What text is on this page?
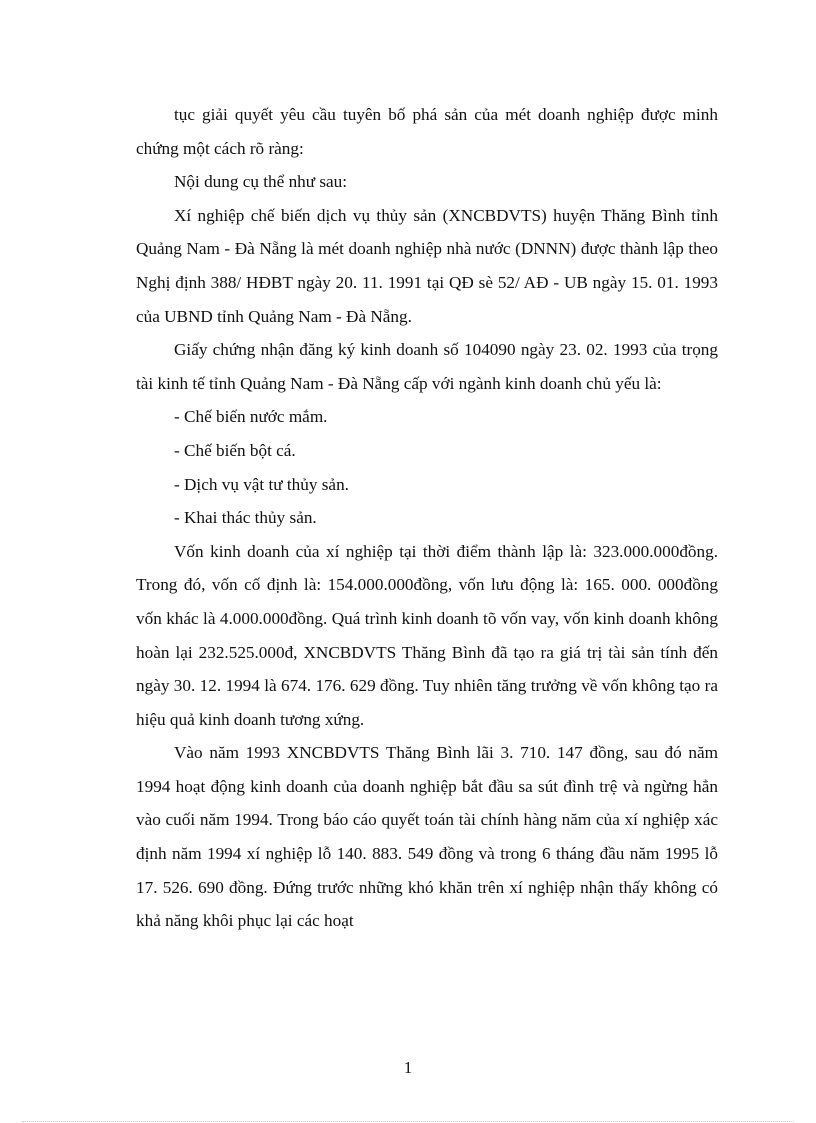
tục giải quyết yêu cầu tuyên bố phá sản của mét doanh nghiệp được minh chứng một cách rõ ràng:

Nội dung cụ thể như sau:

Xí nghiệp chế biến dịch vụ thủy sản (XNCBDVTS) huyện Thăng Bình tỉnh Quảng Nam - Đà Nẵng là mét doanh nghiệp nhà nước (DNNN) được thành lập theo Nghị định 388/ HĐBT ngày 20. 11. 1991 tại QĐ sè 52/ AĐ - UB ngày 15. 01. 1993 của UBND tỉnh Quảng Nam - Đà Nẵng.

Giấy chứng nhận đăng ký kinh doanh số 104090 ngày 23. 02. 1993 của trọng tài kinh tế tỉnh Quảng Nam - Đà Nẵng cấp với ngành kinh doanh chủ yếu là:

- Chế biến nước mắm.

- Chế biến bột cá.

- Dịch vụ vật tư thủy sản.

- Khai thác thủy sản.

Vốn kinh doanh của xí nghiệp tại thời điểm thành lập là: 323.000.000đồng. Trong đó, vốn cố định là: 154.000.000đồng, vốn lưu động là: 165. 000. 000đồng vốn khác là 4.000.000đồng. Quá trình kinh doanh tõ vốn vay, vốn kinh doanh không hoàn lại 232.525.000đ, XNCBDVTS Thăng Bình đã tạo ra giá trị tài sản tính đến ngày 30. 12. 1994 là 674. 176. 629 đồng. Tuy nhiên tăng trưởng về vốn không tạo ra hiệu quả kinh doanh tương xứng.

Vào năm 1993 XNCBDVTS Thăng Bình lãi 3. 710. 147 đồng, sau đó năm 1994 hoạt động kinh doanh của doanh nghiệp bắt đầu sa sút đình trệ và ngừng hẳn vào cuối năm 1994. Trong báo cáo quyết toán tài chính hàng năm của xí nghiệp xác định năm 1994 xí nghiệp lỗ 140. 883. 549 đồng và trong 6 tháng đầu năm 1995 lỗ 17. 526. 690 đồng. Đứng trước những khó khăn trên xí nghiệp nhận thấy không có khả năng khôi phục lại các hoạt

1
